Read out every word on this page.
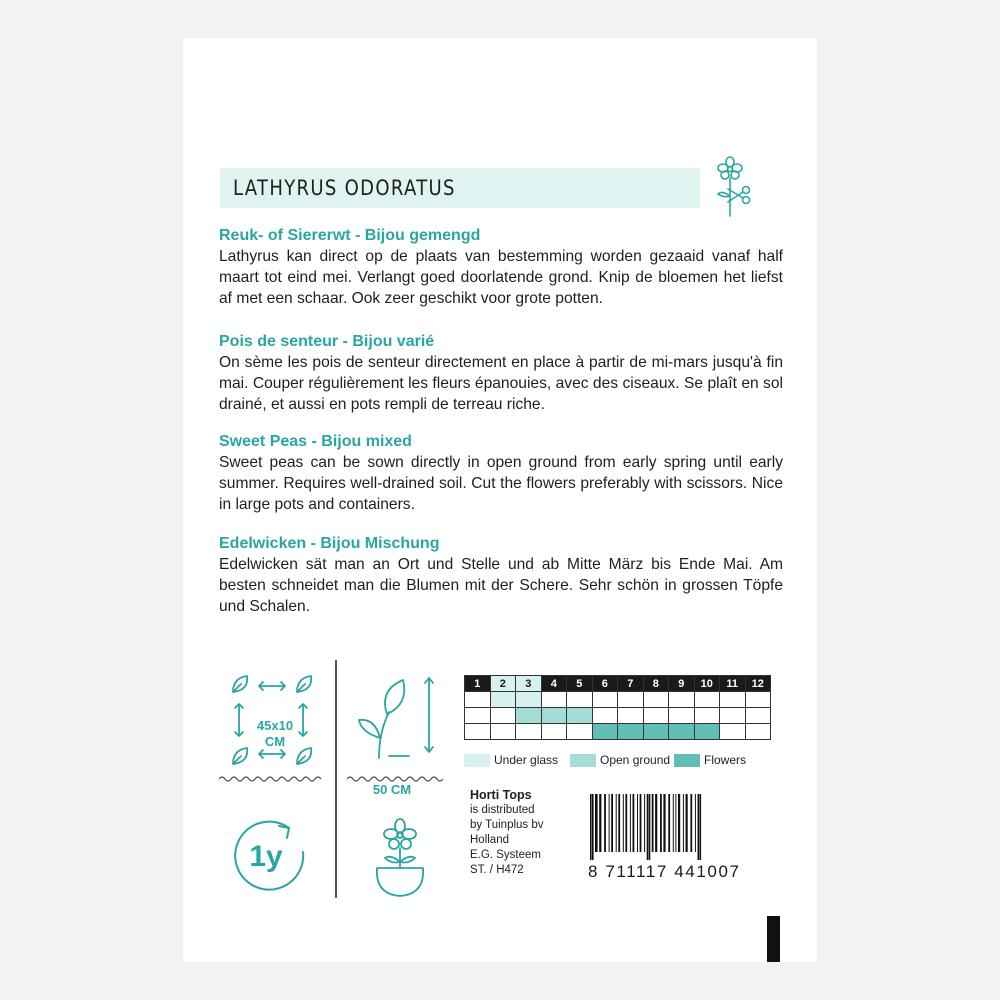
LATHYRUS ODORATUS
Reuk- of Siererwt - Bijou gemengd

Lathyrus kan direct op de plaats van bestemming worden gezaaid vanaf half maart tot eind mei. Verlangt goed doorlatende grond. Knip de bloemen het liefst af met een schaar. Ook zeer geschikt voor grote potten.

Pois de senteur - Bijou varié

On sème les pois de senteur directement en place à partir de mi-mars jusqu'à fin mai. Couper régulièrement les fleurs épanouies, avec des ciseaux. Se plaît en sol drainé, et aussi en pots rempli de terreau riche.

Sweet Peas - Bijou mixed

Sweet peas can be sown directly in open ground from early spring until early summer. Requires well-drained soil. Cut the flowers preferably with scissors. Nice in large pots and containers.

Edelwicken - Bijou Mischung

Edelwicken sät man an Ort und Stelle und ab Mitte März bis Ende Mai. Am besten schneidet man die Blumen mit der Schere. Sehr schön in grossen Töpfe und Schalen.

45x10
CM
50 CM
1y
1	2	3	4	5	6	7	8	9	10	11	12

Under glass	Open ground	Flowers
Horti Tops
is distributed
by Tuinplus bv
Holland
E.G. Systeem
ST. / H472	8 711117 441007
